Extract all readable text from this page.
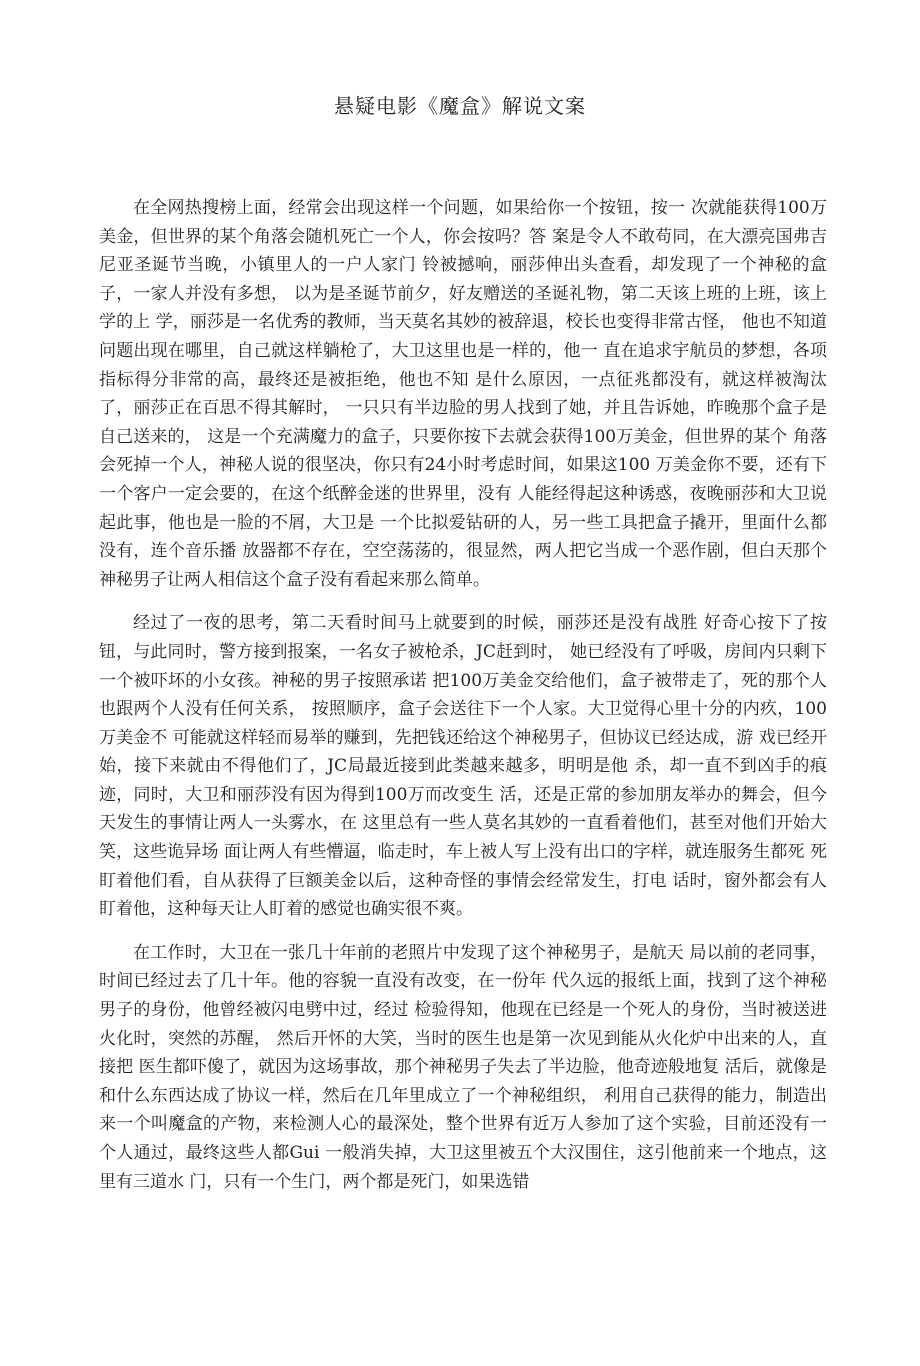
悬疑电影《魔盒》解说文案

在全网热搜榜上面，经常会出现这样一个问题，如果给你一个按钮，按一 次就能获得100万美金，但世界的某个角落会随机死亡一个人，你会按吗？答 案是令人不敢苟同，在大漂亮国弗吉尼亚圣诞节当晚，小镇里人的一户人家门 铃被撼响，丽莎伸出头查看，却发现了一个神秘的盒子，一家人并没有多想， 以为是圣诞节前夕，好友赠送的圣诞礼物，第二天该上班的上班，该上学的上 学，丽莎是一名优秀的教师，当天莫名其妙的被辞退，校长也变得非常古怪， 他也不知道问题出现在哪里，自己就这样躺枪了，大卫这里也是一样的，他一 直在追求宇航员的梦想，各项指标得分非常的高，最终还是被拒绝，他也不知 是什么原因，一点征兆都没有，就这样被淘汰了，丽莎正在百思不得其解时， 一只只有半边脸的男人找到了她，并且告诉她，昨晚那个盒子是自己送来的， 这是一个充满魔力的盒子，只要你按下去就会获得100万美金，但世界的某个 角落会死掉一个人，神秘人说的很坚决，你只有24小时考虑时间，如果这100 万美金你不要，还有下一个客户一定会要的，在这个纸醉金迷的世界里，没有 人能经得起这种诱惑，夜晚丽莎和大卫说起此事，他也是一脸的不屑，大卫是 一个比拟爱钻研的人，另一些工具把盒子撬开，里面什么都没有，连个音乐播 放器都不存在，空空荡荡的，很显然，两人把它当成一个恶作剧，但白天那个 神秘男子让两人相信这个盒子没有看起来那么简单。

经过了一夜的思考，第二天看时间马上就要到的时候，丽莎还是没有战胜 好奇心按下了按钮，与此同时，警方接到报案，一名女子被枪杀，JC赶到时， 她已经没有了呼吸，房间内只剩下一个被吓坏的小女孩。神秘的男子按照承诺 把100万美金交给他们，盒子被带走了，死的那个人也跟两个人没有任何关系， 按照顺序，盒子会送往下一个人家。大卫觉得心里十分的内疚，100万美金不 可能就这样轻而易举的赚到，先把钱还给这个神秘男子，但协议已经达成，游 戏已经开始，接下来就由不得他们了，JC局最近接到此类越来越多，明明是他 杀，却一直不到凶手的痕迹，同时，大卫和丽莎没有因为得到100万而改变生 活，还是正常的参加朋友举办的舞会，但今天发生的事情让两人一头雾水，在 这里总有一些人莫名其妙的一直看着他们，甚至对他们开始大笑，这些诡异场 面让两人有些懵逼，临走时，车上被人写上没有出口的字样，就连服务生都死 死盯着他们看，自从获得了巨额美金以后，这种奇怪的事情会经常发生，打电 话时，窗外都会有人盯着他，这种每天让人盯着的感觉也确实很不爽。

在工作时，大卫在一张几十年前的老照片中发现了这个神秘男子，是航天 局以前的老同事，时间已经过去了几十年。他的容貌一直没有改变，在一份年 代久远的报纸上面，找到了这个神秘男子的身份，他曾经被闪电劈中过，经过 检验得知，他现在已经是一个死人的身份，当时被送进火化时，突然的苏醒， 然后开怀的大笑，当时的医生也是第一次见到能从火化炉中出来的人，直接把 医生都吓傻了，就因为这场事故，那个神秘男子失去了半边脸，他奇迹般地复 活后，就像是和什么东西达成了协议一样，然后在几年里成立了一个神秘组织， 利用自己获得的能力，制造出来一个叫魔盒的产物，来检测人心的最深处，整个世界有近万人参加了这个实验，目前还没有一个人通过，最终这些人都Gui 一般消失掉，大卫这里被五个大汉围住，这引他前来一个地点，这里有三道水 门，只有一个生门，两个都是死门，如果选错
